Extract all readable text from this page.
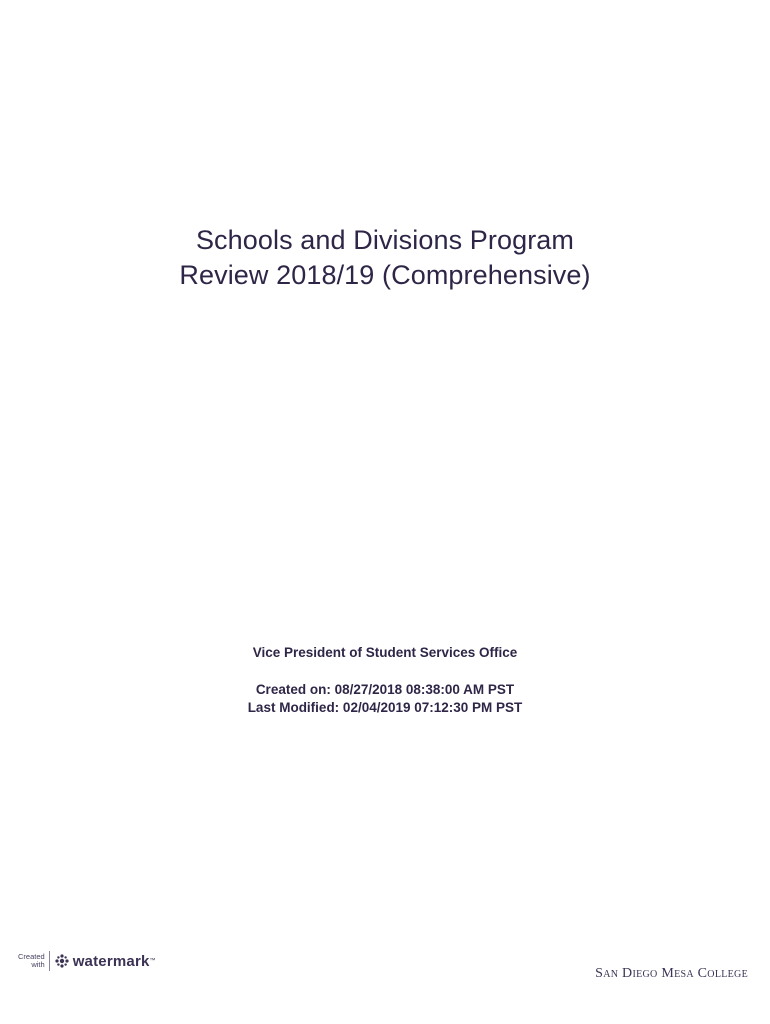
Schools and Divisions Program
Review 2018/19 (Comprehensive)
Vice President of Student Services Office
Created on: 08/27/2018 08:38:00 AM PST
Last Modified: 02/04/2019 07:12:30 PM PST
Created
with watermark ™
San Diego Mesa College
